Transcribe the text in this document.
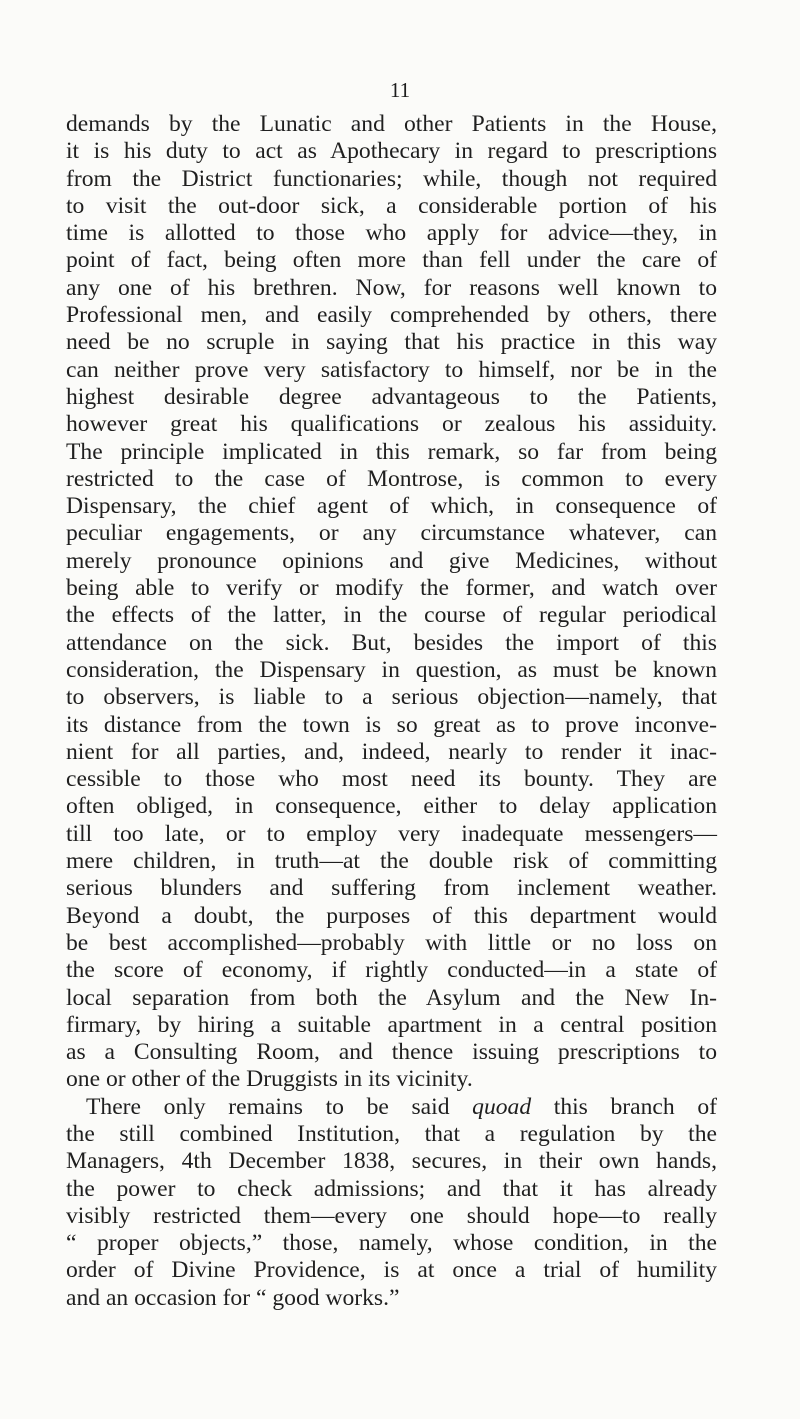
11
demands by the Lunatic and other Patients in the House,
it is his duty to act as Apothecary in regard to prescriptions
from the District functionaries; while, though not required
to visit the out-door sick, a considerable portion of his
time is allotted to those who apply for advice—they, in
point of fact, being often more than fell under the care of
any one of his brethren. Now, for reasons well known to
Professional men, and easily comprehended by others, there
need be no scruple in saying that his practice in this way
can neither prove very satisfactory to himself, nor be in the
highest desirable degree advantageous to the Patients,
however great his qualifications or zealous his assiduity.
The principle implicated in this remark, so far from being
restricted to the case of Montrose, is common to every
Dispensary, the chief agent of which, in consequence of
peculiar engagements, or any circumstance whatever, can
merely pronounce opinions and give Medicines, without
being able to verify or modify the former, and watch over
the effects of the latter, in the course of regular periodical
attendance on the sick. But, besides the import of this
consideration, the Dispensary in question, as must be known
to observers, is liable to a serious objection—namely, that
its distance from the town is so great as to prove inconve-
nient for all parties, and, indeed, nearly to render it inac-
cessible to those who most need its bounty. They are
often obliged, in consequence, either to delay application
till too late, or to employ very inadequate messengers—
mere children, in truth—at the double risk of committing
serious blunders and suffering from inclement weather.
Beyond a doubt, the purposes of this department would
be best accomplished—probably with little or no loss on
the score of economy, if rightly conducted—in a state of
local separation from both the Asylum and the New In-
firmary, by hiring a suitable apartment in a central position
as a Consulting Room, and thence issuing prescriptions to
one or other of the Druggists in its vicinity.
There only remains to be said quoad this branch of
the still combined Institution, that a regulation by the
Managers, 4th December 1838, secures, in their own hands,
the power to check admissions; and that it has already
visibly restricted them—every one should hope—to really
“ proper objects,” those, namely, whose condition, in the
order of Divine Providence, is at once a trial of humility
and an occasion for “ good works.”
